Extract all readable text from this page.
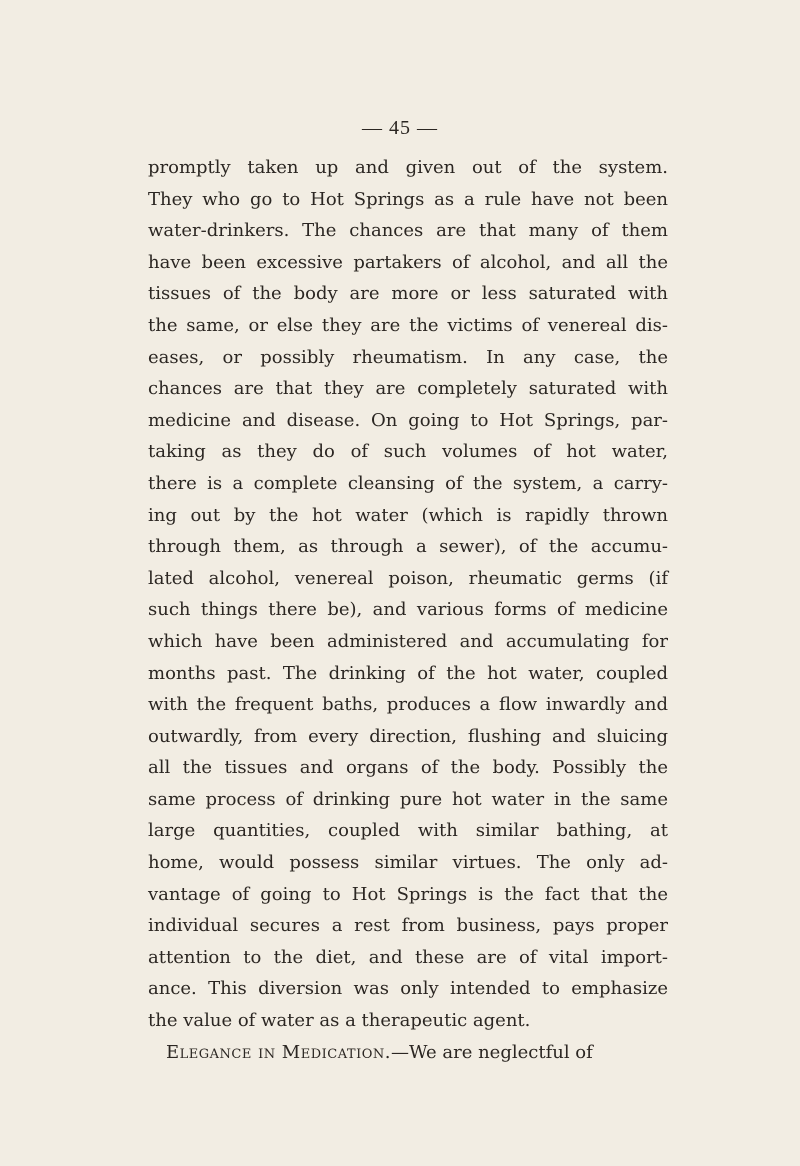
— 45 —
promptly taken up and given out of the system.
They who go to Hot Springs as a rule have not been
water-drinkers. The chances are that many of them
have been excessive partakers of alcohol, and all the
tissues of the body are more or less saturated with
the same, or else they are the victims of venereal dis-
eases, or possibly rheumatism. In any case, the
chances are that they are completely saturated with
medicine and disease. On going to Hot Springs, par-
taking as they do of such volumes of hot water,
there is a complete cleansing of the system, a carry-
ing out by the hot water (which is rapidly thrown
through them, as through a sewer), of the accumu-
lated alcohol, venereal poison, rheumatic germs (if
such things there be), and various forms of medicine
which have been administered and accumulating for
months past. The drinking of the hot water, coupled
with the frequent baths, produces a flow inwardly and
outwardly, from every direction, flushing and sluicing
all the tissues and organs of the body. Possibly the
same process of drinking pure hot water in the same
large quantities, coupled with similar bathing, at
home, would possess similar virtues. The only ad-
vantage of going to Hot Springs is the fact that the
individual secures a rest from business, pays proper
attention to the diet, and these are of vital import-
ance. This diversion was only intended to emphasize
the value of water as a therapeutic agent.
Elegance in Medication.—We are neglectful of
